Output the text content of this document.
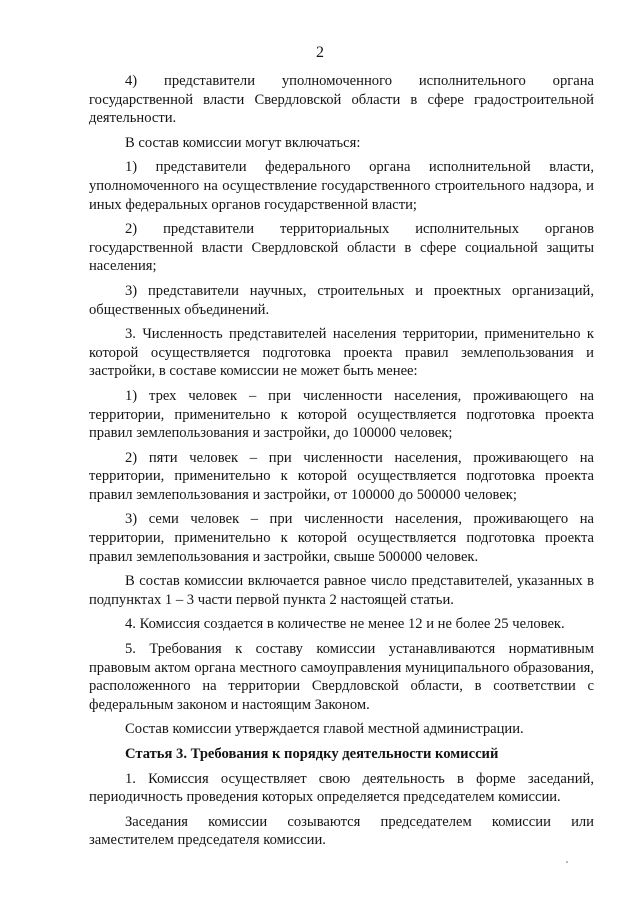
2

4) представители уполномоченного исполнительного органа государственной власти Свердловской области в сфере градостроительной деятельности.

В состав комиссии могут включаться:

1) представители федерального органа исполнительной власти, уполномоченного на осуществление государственного строительного надзора, и иных федеральных органов государственной власти;

2) представители территориальных исполнительных органов государственной власти Свердловской области в сфере социальной защиты населения;

3) представители научных, строительных и проектных организаций, общественных объединений.

3. Численность представителей населения территории, применительно к которой осуществляется подготовка проекта правил землепользования и застройки, в составе комиссии не может быть менее:

1) трех человек – при численности населения, проживающего на территории, применительно к которой осуществляется подготовка проекта правил землепользования и застройки, до 100000 человек;

2) пяти человек – при численности населения, проживающего на территории, применительно к которой осуществляется подготовка проекта правил землепользования и застройки, от 100000 до 500000 человек;

3) семи человек – при численности населения, проживающего на территории, применительно к которой осуществляется подготовка проекта правил землепользования и застройки, свыше 500000 человек.

В состав комиссии включается равное число представителей, указанных в подпунктах 1 – 3 части первой пункта 2 настоящей статьи.

4. Комиссия создается в количестве не менее 12 и не более 25 человек.

5. Требования к составу комиссии устанавливаются нормативным правовым актом органа местного самоуправления муниципального образования, расположенного на территории Свердловской области, в соответствии с федеральным законом и настоящим Законом.

Состав комиссии утверждается главой местной администрации.

Статья 3. Требования к порядку деятельности комиссий

1. Комиссия осуществляет свою деятельность в форме заседаний, периодичность проведения которых определяется председателем комиссии.

Заседания комиссии созываются председателем комиссии или заместителем председателя комиссии.
